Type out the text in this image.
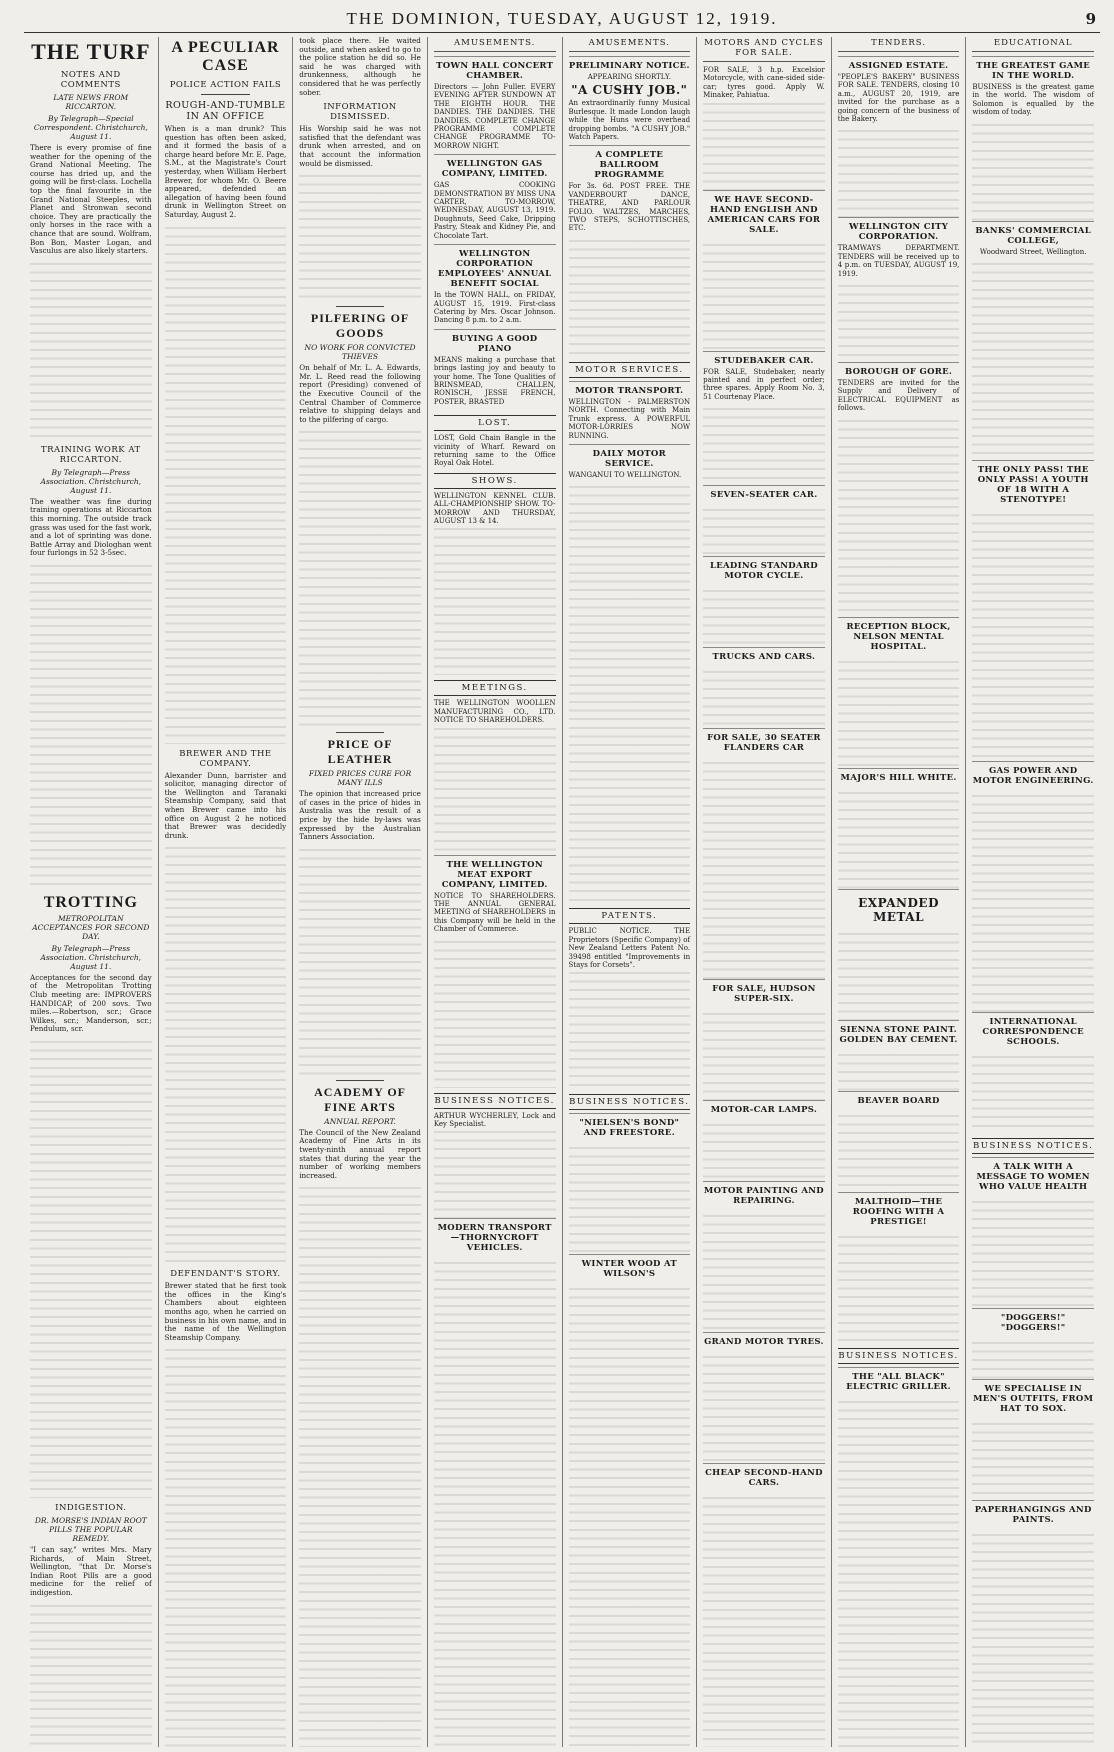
THE DOMINION, TUESDAY, AUGUST 12, 1919.	9
THE TURF
NOTES AND COMMENTS
LATE NEWS FROM RICCARTON.
By Telegraph—Special Correspondent. Christchurch, August 11.

There is every promise of fine weather for the opening of the Grand National Meeting. The course has dried up, and the going will be first-class. Lochella top the final favourite in the Grand National Steeples, with Planet and Stronwan second choice. They are practically the only horses in the race with a chance that are sound. Wolfram, Bon Bon, Master Logan, and Vasculus are also likely starters.

TRAINING WORK AT RICCARTON.
By Telegraph—Press Association. Christchurch, August 11.

The weather was fine during training operations at Riccarton this morning. The outside track grass was used for the fast work, and a lot of sprinting was done. Battle Array and Diologhan went four furlongs in 52 3-5sec.

TROTTING
METROPOLITAN ACCEPTANCES FOR SECOND DAY.
By Telegraph—Press Association. Christchurch, August 11.

Acceptances for the second day of the Metropolitan Trotting Club meeting are: IMPROVERS HANDICAP, of 200 sovs. Two miles.—Robertson, scr.; Grace Wilkes, scr.; Manderson, scr.; Pendulum, scr.

INDIGESTION.
DR. MORSE'S INDIAN ROOT PILLS THE POPULAR REMEDY.

"I can say," writes Mrs. Mary Richards, of Main Street, Wellington, "that Dr. Morse's Indian Root Pills are a good medicine for the relief of indigestion.

A PECULIAR CASE
POLICE ACTION FAILS
ROUGH-AND-TUMBLE IN AN OFFICE

When is a man drunk? This question has often been asked, and it formed the basis of a charge heard before Mr. E. Page, S.M., at the Magistrate's Court yesterday, when William Herbert Brewer, for whom Mr. O. Beere appeared, defended an allegation of having been found drunk in Wellington Street on Saturday, August 2.

BREWER AND THE COMPANY.

Alexander Dunn, barrister and solicitor, managing director of the Wellington and Taranaki Steamship Company, said that when Brewer came into his office on August 2 he noticed that Brewer was decidedly drunk.

DEFENDANT'S STORY.

Brewer stated that he first took the offices in the King's Chambers about eighteen months ago, when he carried on business in his own name, and in the name of the Wellington Steamship Company.

took place there. He waited outside, and when asked to go to the police station he did so. He said he was charged with drunkenness, although he considered that he was perfectly sober.

INFORMATION DISMISSED.

His Worship said he was not satisfied that the defendant was drunk when arrested, and on that account the information would be dismissed.

PILFERING OF GOODS
NO WORK FOR CONVICTED THIEVES

On behalf of Mr. L. A. Edwards, Mr. L. Reed read the following report (Presiding) convened of the Executive Council of the Central Chamber of Commerce relative to shipping delays and to the pilfering of cargo.

PRICE OF LEATHER
FIXED PRICES CURE FOR MANY ILLS

The opinion that increased price of cases in the price of hides in Australia was the result of a price by the hide by-laws was expressed by the Australian Tanners Association.

ACADEMY OF FINE ARTS
ANNUAL REPORT.

The Council of the New Zealand Academy of Fine Arts in its twenty-ninth annual report states that during the year the number of working members increased.

AMUSEMENTS.
TOWN HALL CONCERT CHAMBER.
Directors — John Fuller. EVERY EVENING AFTER SUNDOWN AT THE EIGHTH HOUR. THE DANDIES. THE DANDIES. THE DANDIES. COMPLETE CHANGE PROGRAMME COMPLETE CHANGE PROGRAMME TO-MORROW NIGHT.
WELLINGTON GAS COMPANY, LIMITED.
GAS COOKING DEMONSTRATION BY MISS UNA CARTER, TO-MORROW, WEDNESDAY, AUGUST 13, 1919. Doughnuts, Seed Cake, Dripping Pastry, Steak and Kidney Pie, and Chocolate Tart.
WELLINGTON CORPORATION EMPLOYEES' ANNUAL BENEFIT SOCIAL
In the TOWN HALL, on FRIDAY, AUGUST 15, 1919. First-class Catering by Mrs. Oscar Johnson. Dancing 8 p.m. to 2 a.m.
BUYING A GOOD PIANO
MEANS making a purchase that brings lasting joy and beauty to your home. The Tone Qualities of BRINSMEAD, CHALLEN, RONISCH, JESSE FRENCH, POSTER, BRASTED
LOST.
LOST, Gold Chain Bangle in the vicinity of Wharf. Reward on returning same to the Office Royal Oak Hotel.
SHOWS.
WELLINGTON KENNEL CLUB. ALL-CHAMPIONSHIP SHOW. TO-MORROW AND THURSDAY, AUGUST 13 & 14.
MEETINGS.
THE WELLINGTON WOOLLEN MANUFACTURING CO., LTD. NOTICE TO SHAREHOLDERS.
THE WELLINGTON MEAT EXPORT COMPANY, LIMITED.
NOTICE TO SHAREHOLDERS. THE ANNUAL GENERAL MEETING of SHAREHOLDERS in this Company will be held in the Chamber of Commerce.
BUSINESS NOTICES.
ARTHUR WYCHERLEY, Lock and Key Specialist.
MODERN TRANSPORT—THORNYCROFT VEHICLES.
AMUSEMENTS.
PRELIMINARY NOTICE.
APPEARING SHORTLY.
"A CUSHY JOB."
An extraordinarily funny Musical Burlesque. It made London laugh while the Huns were overhead dropping bombs. "A CUSHY JOB." Watch Papers.
A COMPLETE BALLROOM PROGRAMME
For 3s. 6d. POST FREE. THE VANDERBOURT DANCE, THEATRE, AND PARLOUR FOLIO. WALTZES, MARCHES, TWO STEPS, SCHOTTISCHES, ETC.
MOTOR SERVICES.
MOTOR TRANSPORT.
WELLINGTON - PALMERSTON NORTH. Connecting with Main Trunk express. A POWERFUL MOTOR-LORRIES NOW RUNNING.
DAILY MOTOR SERVICE.
WANGANUI TO WELLINGTON.
PATENTS.
PUBLIC NOTICE. THE Proprietors (Specific Company) of New Zealand Letters Patent No. 39498 entitled "Improvements in Stays for Corsets".
BUSINESS NOTICES.
"NIELSEN'S BOND" AND FREESTORE.
WINTER WOOD AT WILSON'S
MOTORS AND CYCLES FOR SALE.
FOR SALE, 3 h.p. Excelsior Motorcycle, with cane-sided side-car; tyres good. Apply W. Minaker, Pahiatua.
WE HAVE SECOND-HAND ENGLISH AND AMERICAN CARS FOR SALE.
STUDEBAKER CAR.
FOR SALE, Studebaker, nearly painted and in perfect order; three spares. Apply Room No. 3, 51 Courtenay Place.
SEVEN-SEATER CAR.
LEADING STANDARD MOTOR CYCLE.
TRUCKS AND CARS.
FOR SALE, 30 SEATER FLANDERS CAR
FOR SALE, HUDSON SUPER-SIX.
MOTOR-CAR LAMPS.
MOTOR PAINTING AND REPAIRING.
GRAND MOTOR TYRES.
CHEAP SECOND-HAND CARS.
TENDERS.
ASSIGNED ESTATE.
"PEOPLE'S BAKERY" BUSINESS FOR SALE. TENDERS, closing 10 a.m., AUGUST 20, 1919, are invited for the purchase as a going concern of the business of the Bakery.
WELLINGTON CITY CORPORATION.
TRAMWAYS DEPARTMENT. TENDERS will be received up to 4 p.m. on TUESDAY, AUGUST 19, 1919.
BOROUGH OF GORE.
TENDERS are invited for the Supply and Delivery of ELECTRICAL EQUIPMENT as follows.
RECEPTION BLOCK, NELSON MENTAL HOSPITAL.
MAJOR'S HILL WHITE.
EXPANDED METAL
SIENNA STONE PAINT. GOLDEN BAY CEMENT.
BEAVER BOARD
MALTHOID—THE ROOFING WITH A PRESTIGE!
BUSINESS NOTICES.
THE "ALL BLACK" ELECTRIC GRILLER.
EDUCATIONAL
THE GREATEST GAME IN THE WORLD.
BUSINESS is the greatest game in the world. The wisdom of Solomon is equalled by the wisdom of today.
BANKS' COMMERCIAL COLLEGE,
Woodward Street, Wellington.
THE ONLY PASS! THE ONLY PASS! A YOUTH OF 18 WITH A STENOTYPE!
GAS POWER AND MOTOR ENGINEERING.
INTERNATIONAL CORRESPONDENCE SCHOOLS.
BUSINESS NOTICES.
A TALK WITH A MESSAGE TO WOMEN WHO VALUE HEALTH
"DOGGERS!" "DOGGERS!"
WE SPECIALISE IN MEN'S OUTFITS, FROM HAT TO SOX.
PAPERHANGINGS AND PAINTS.
